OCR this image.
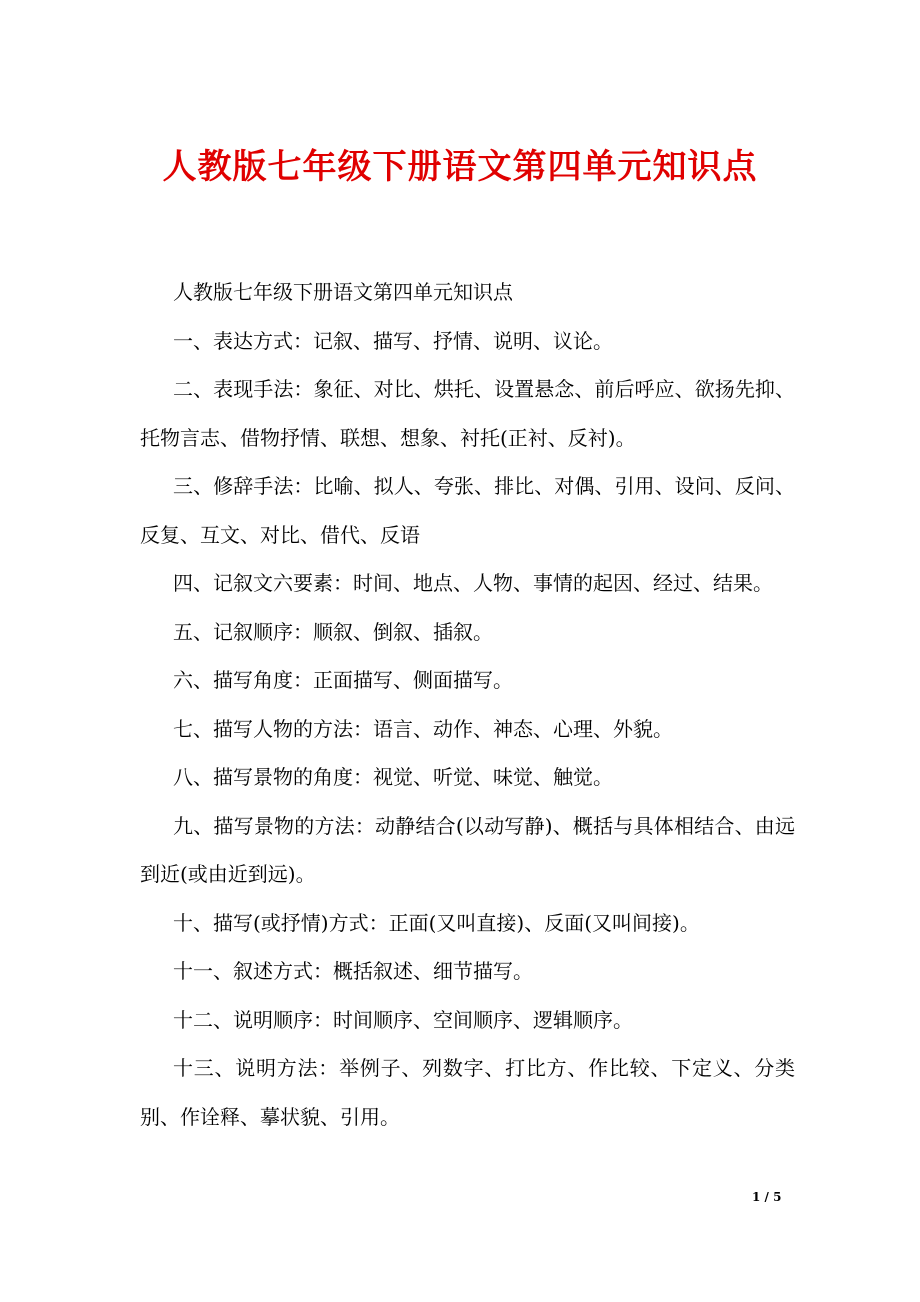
人教版七年级下册语文第四单元知识点

人教版七年级下册语文第四单元知识点

一、表达方式：记叙、描写、抒情、说明、议论。

二、表现手法：象征、对比、烘托、设置悬念、前后呼应、欲扬先抑、托物言志、借物抒情、联想、想象、衬托(正衬、反衬)。

三、修辞手法：比喻、拟人、夸张、排比、对偶、引用、设问、反问、反复、互文、对比、借代、反语

四、记叙文六要素：时间、地点、人物、事情的起因、经过、结果。

五、记叙顺序：顺叙、倒叙、插叙。

六、描写角度：正面描写、侧面描写。

七、描写人物的方法：语言、动作、神态、心理、外貌。

八、描写景物的角度：视觉、听觉、味觉、触觉。

九、描写景物的方法：动静结合(以动写静)、概括与具体相结合、由远到近(或由近到远)。

十、描写(或抒情)方式：正面(又叫直接)、反面(又叫间接)。

十一、叙述方式：概括叙述、细节描写。

十二、说明顺序：时间顺序、空间顺序、逻辑顺序。

十三、说明方法：举例子、列数字、打比方、作比较、下定义、分类别、作诠释、摹状貌、引用。

1 / 5
